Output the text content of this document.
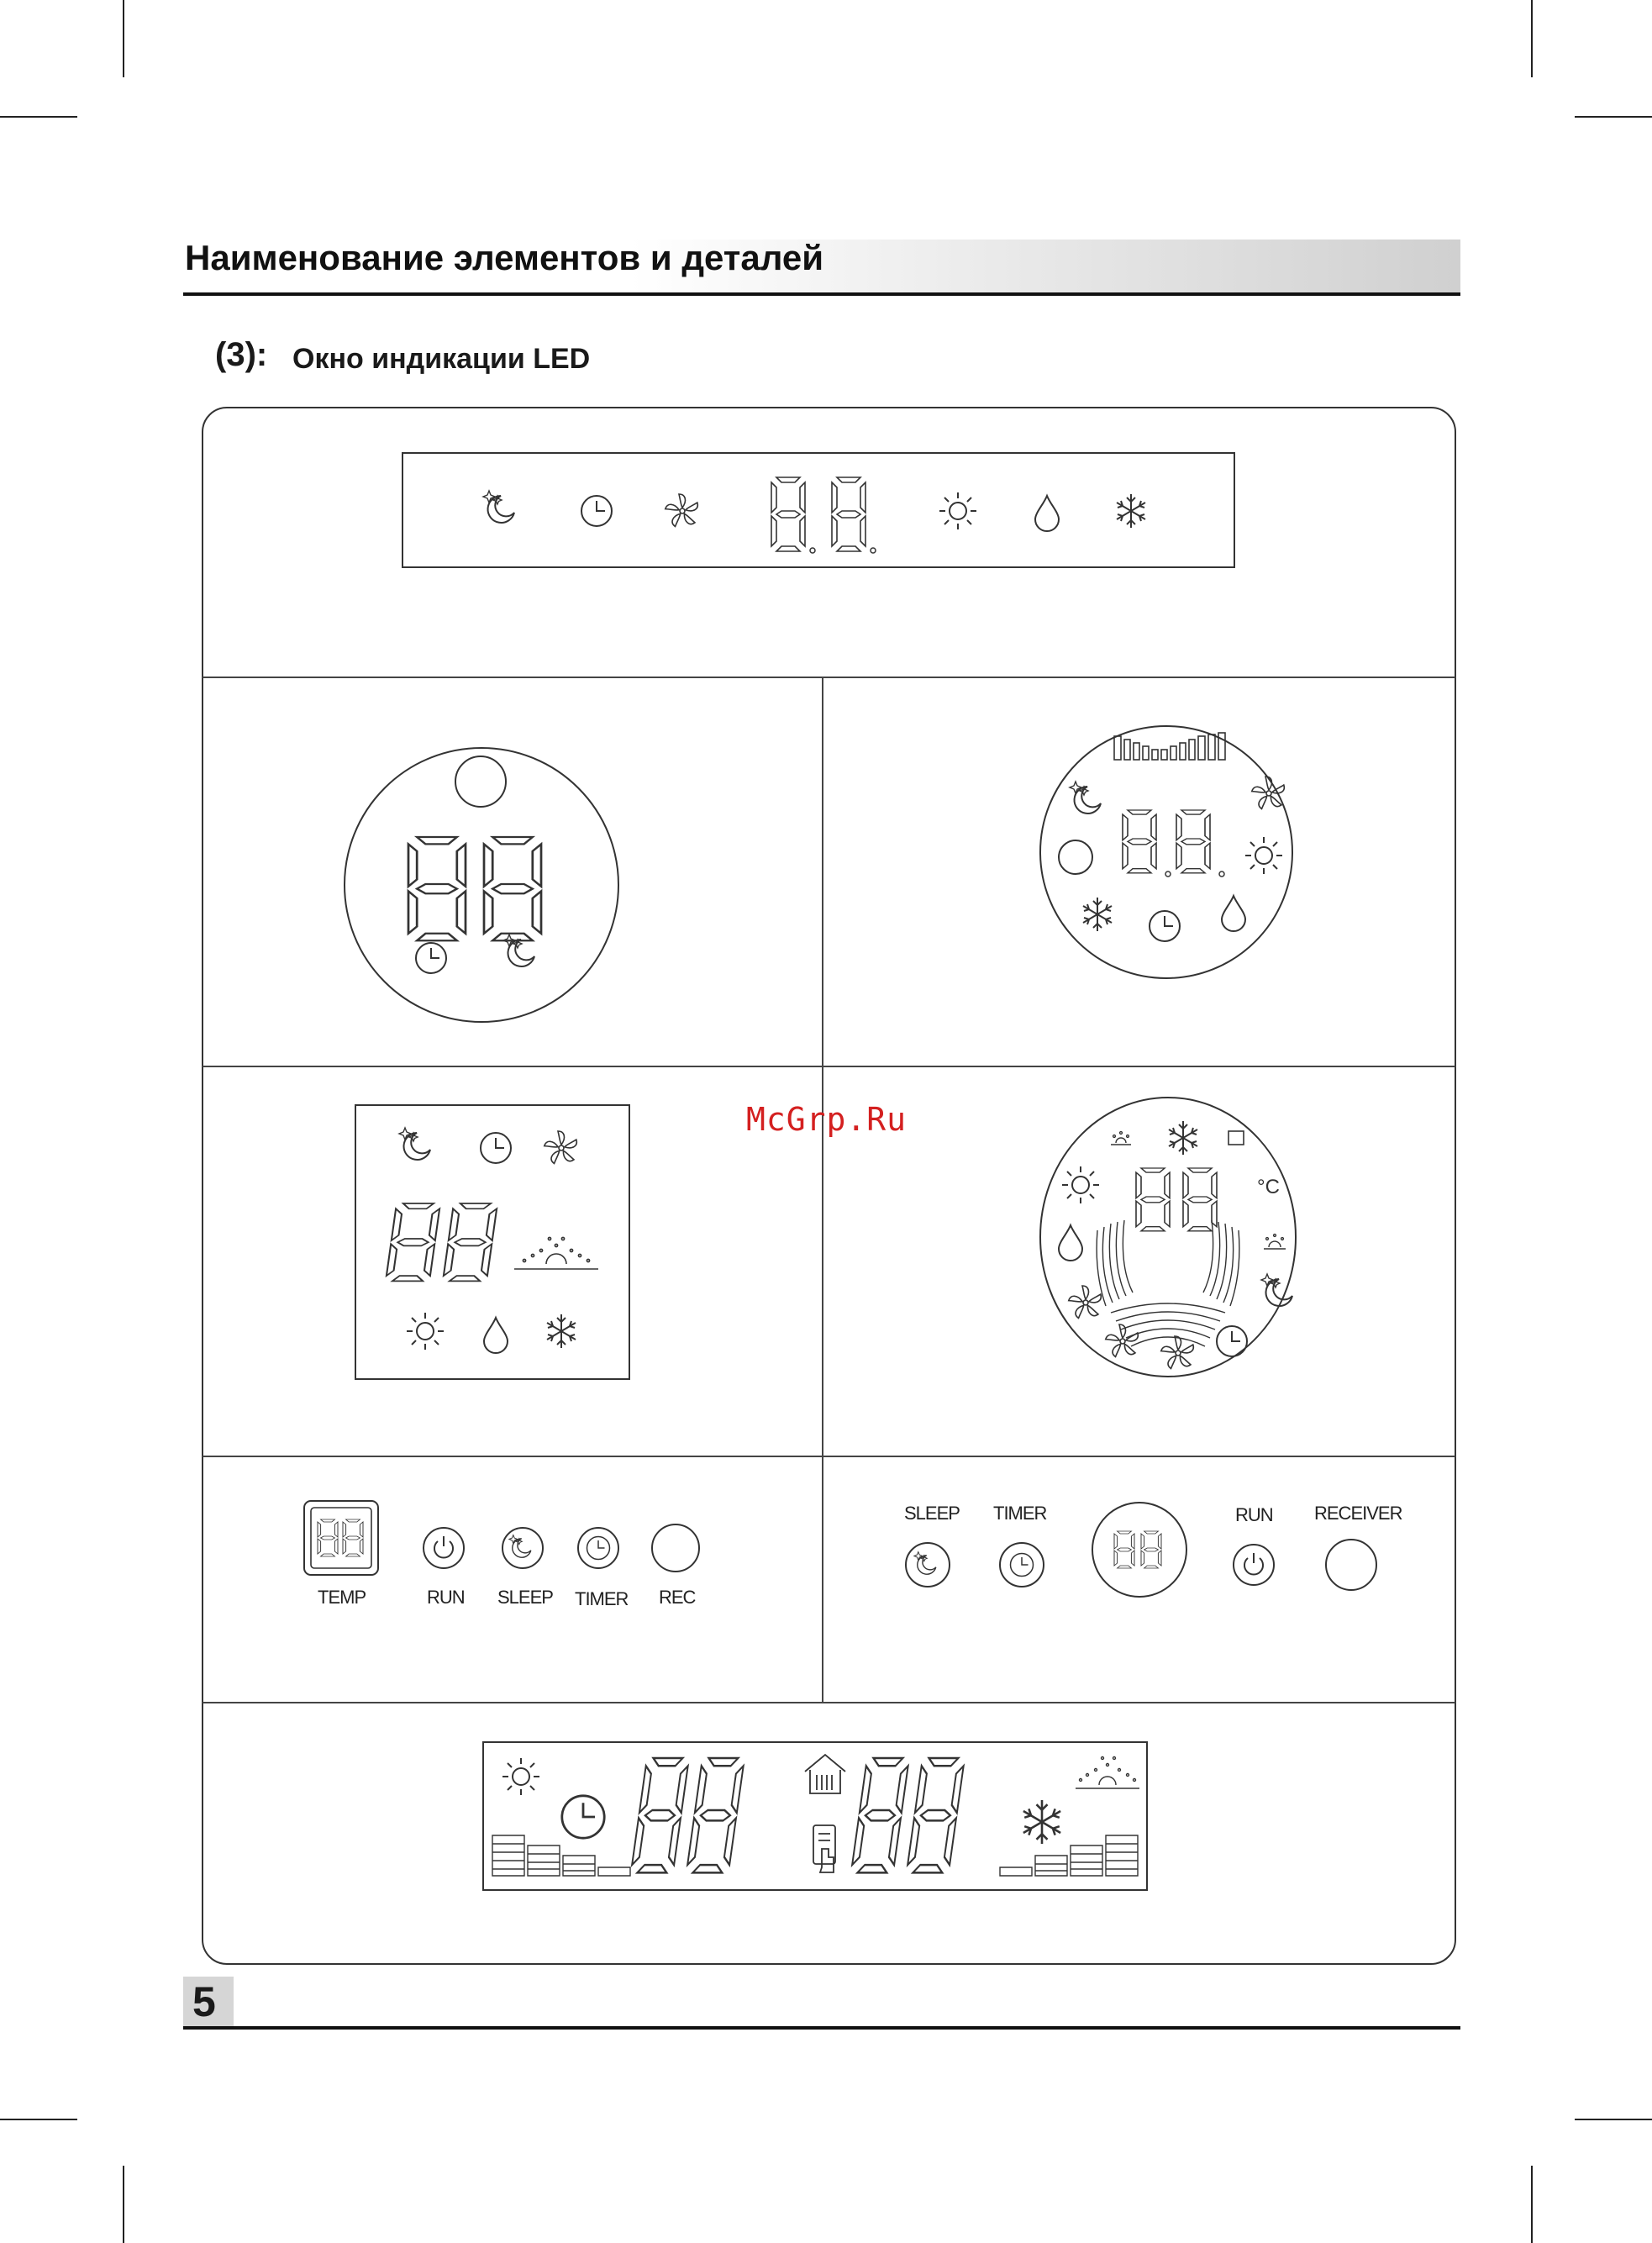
Наименование элементов и деталей
(3): Окно индикации LED
°C
TEMP	RUN SLEEP TIMER REC
SLEEP TIMER	RUN RECEIVER
McGrp.Ru
5
